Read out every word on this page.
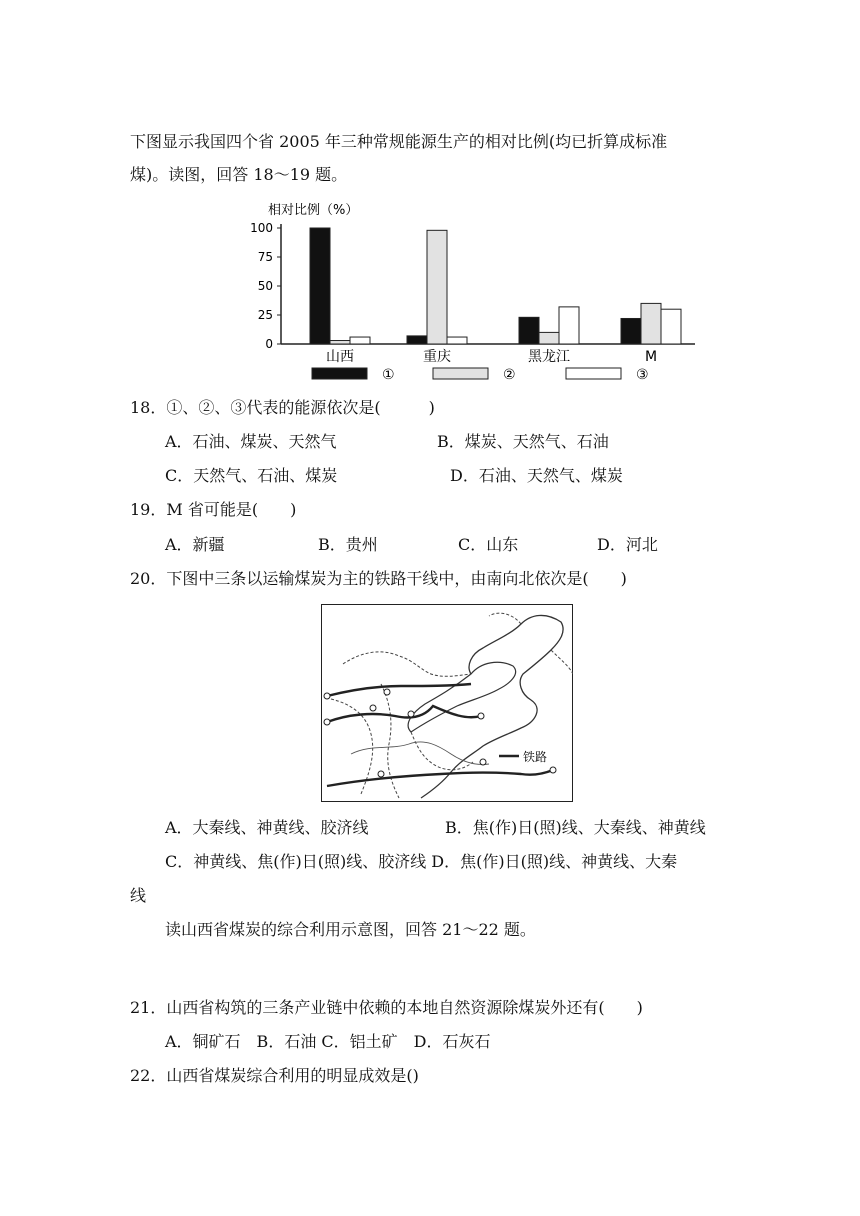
下图显示我国四个省 2005 年三种常规能源生产的相对比例(均已折算成标准
煤)。读图，回答 18～19 题。
相对比例（%）
100
75
50
25
0
山西	重庆	黑龙江	M
①	②	③
18．①、②、③代表的能源依次是(　　　)
A．石油、煤炭、天然气	B．煤炭、天然气、石油
C．天然气、石油、煤炭	D．石油、天然气、煤炭
19．M 省可能是(　　)
A．新疆	B．贵州	C．山东	D．河北
20．下图中三条以运输煤炭为主的铁路干线中，由南向北依次是(　　)
铁路
A．大秦线、神黄线、胶济线	B．焦(作)日(照)线、大秦线、神黄线
C．神黄线、焦(作)日(照)线、胶济线 D．焦(作)日(照)线、神黄线、大秦
线
读山西省煤炭的综合利用示意图，回答 21～22 题。
21．山西省构筑的三条产业链中依赖的本地自然资源除煤炭外还有(　　)
A．铜矿石　B．石油 C．铝土矿　D．石灰石
22．山西省煤炭综合利用的明显成效是()
